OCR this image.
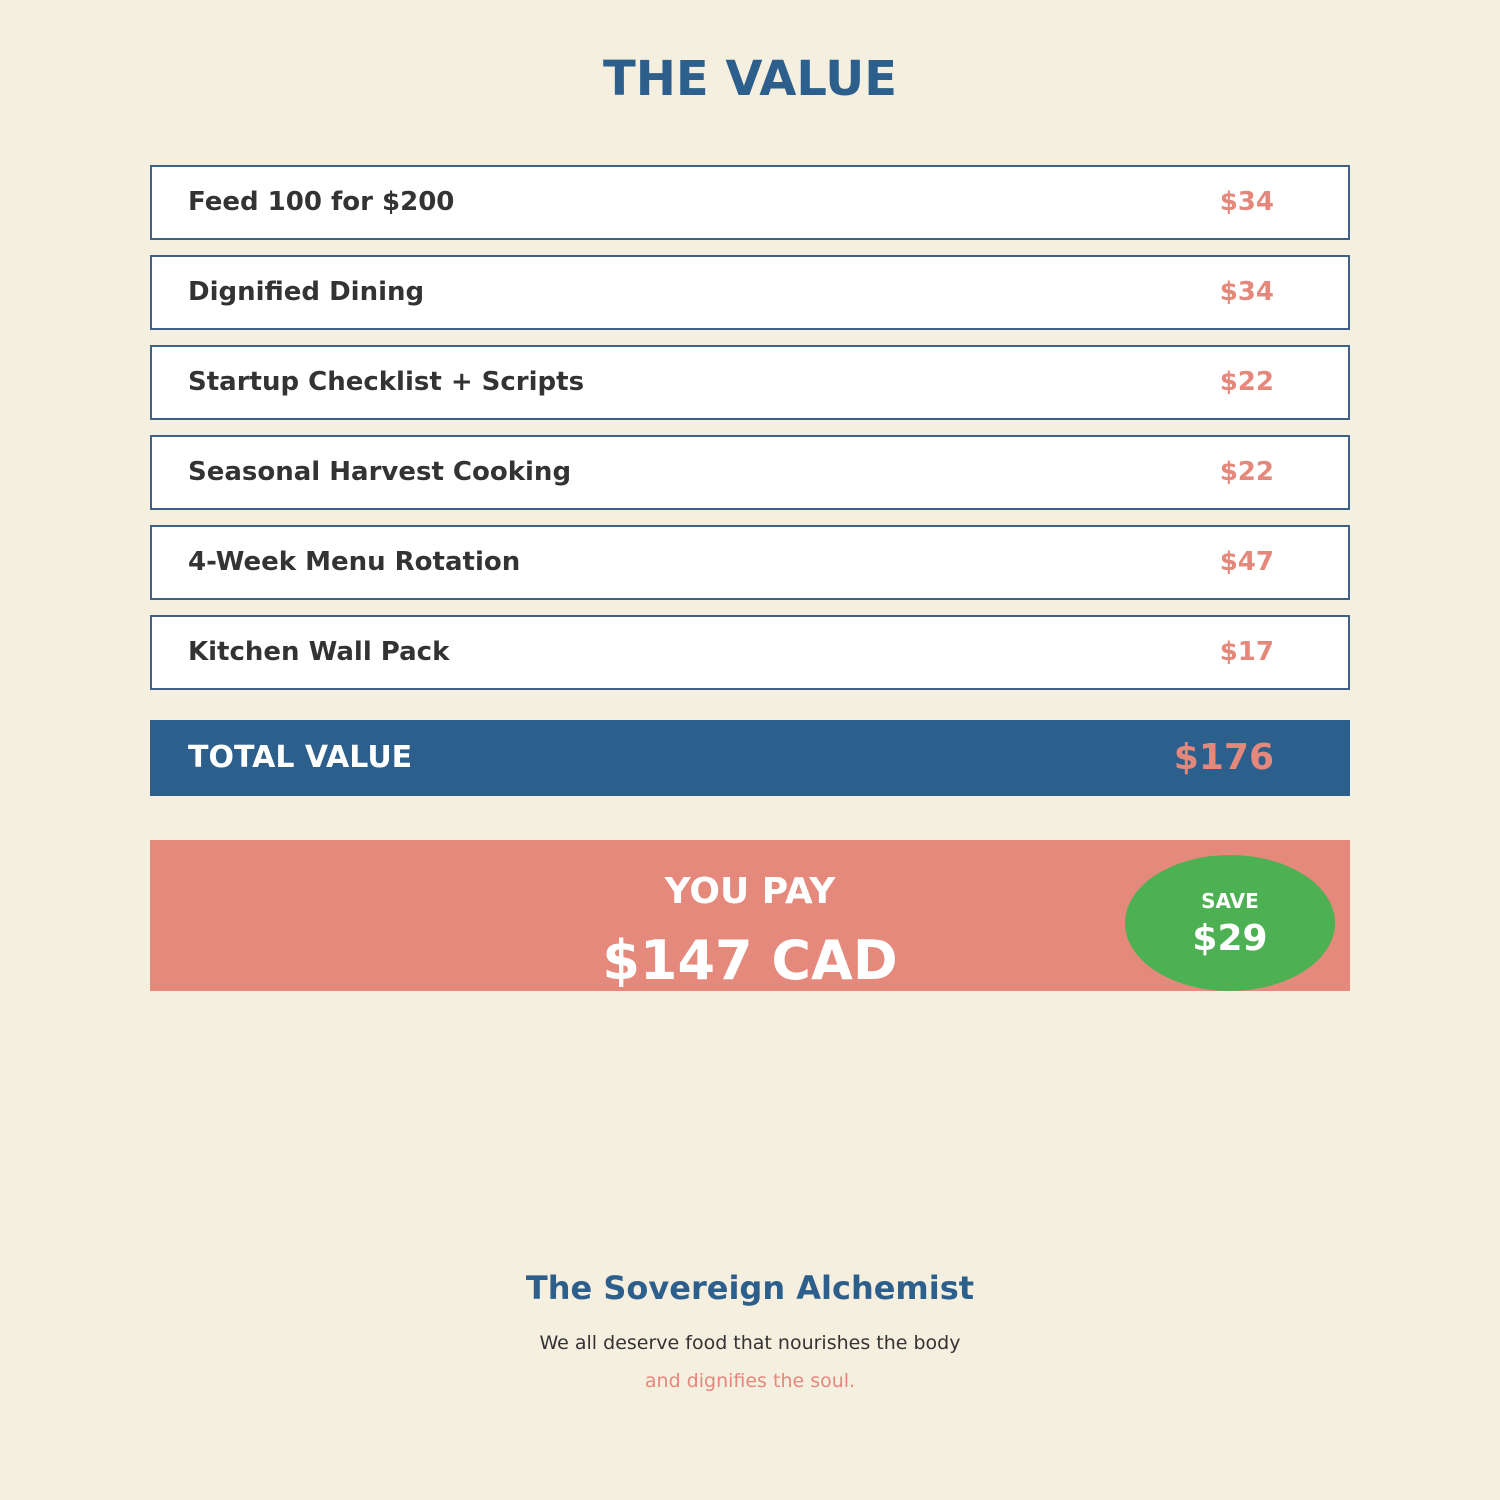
THE VALUE
Feed 100 for $200	$34
Dignified Dining	$34
Startup Checklist + Scripts	$22
Seasonal Harvest Cooking	$22
4-Week Menu Rotation	$47
Kitchen Wall Pack	$17
TOTAL VALUE	$176
YOU PAY
$147 CAD
SAVE
$29
The Sovereign Alchemist
We all deserve food that nourishes the body
and dignifies the soul.
